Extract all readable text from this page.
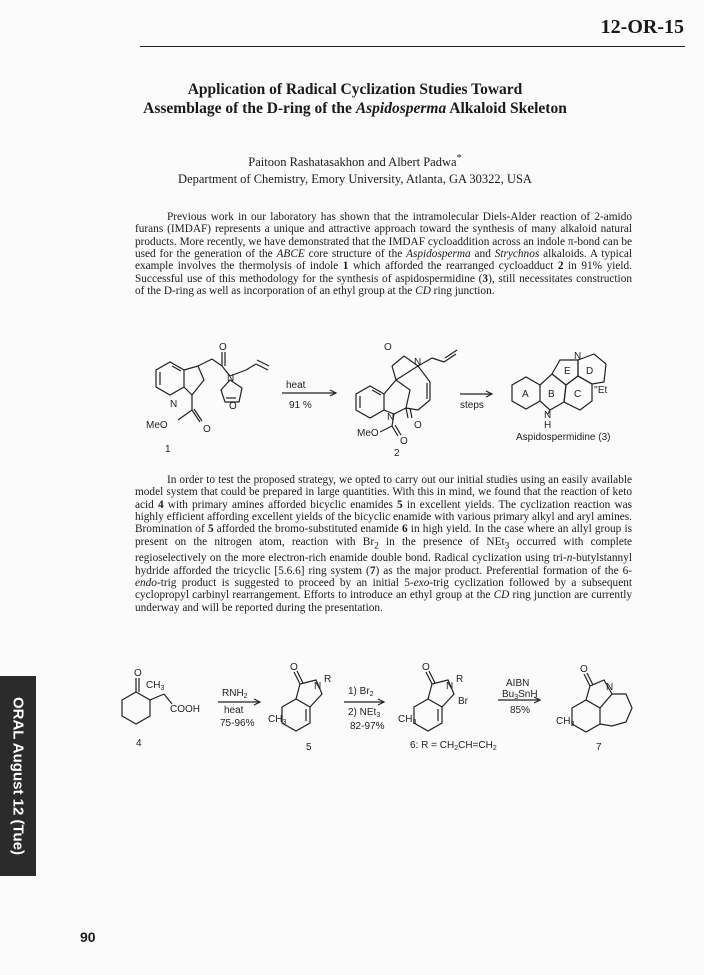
12-OR-15
Application of Radical Cyclization Studies Toward
Assemblage of the D-ring of the Aspidosperma Alkaloid Skeleton
Paitoon Rashatasakhon and Albert Padwa*
Department of Chemistry, Emory University, Atlanta, GA 30322, USA
Previous work in our laboratory has shown that the intramolecular Diels-Alder reaction of 2-amido furans (IMDAF) represents a unique and attractive approach toward the synthesis of many alkaloid natural products. More recently, we have demonstrated that the IMDAF cycloaddition across an indole π-bond can be used for the generation of the ABCE core structure of the Aspidosperma and Strychnos alkaloids. A typical example involves the thermolysis of indole 1 which afforded the rearranged cycloadduct 2 in 91% yield. Successful use of this methodology for the synthesis of aspidospermidine (3), still necessitates construction of the D-ring as well as incorporation of an ethyl group at the CD ring junction.
In order to test the proposed strategy, we opted to carry out our initial studies using an easily available model system that could be prepared in large quantities. With this in mind, we found that the reaction of keto acid 4 with primary amines afforded bicyclic enamides 5 in excellent yields. The cyclization reaction was highly efficient affording excellent yields of the bicyclic enamide with various primary alkyl and aryl amines. Bromination of 5 afforded the bromo-substituted enamide 6 in high yield. In the case where an allyl group is present on the nitrogen atom, reaction with $Br_2$ in the presence of NEt$_3$ occurred with complete regioselectively on the more electron-rich enamide double bond. Radical cyclization using tri-n-butylstannyl hydride afforded the tricyclic [5.6.6] ring system (7) as the major product. Preferential formation of the 6-endo-trig product is suggested to proceed by an initial 5-exo-trig cyclization followed by a subsequent cyclopropyl carbinyl rearrangement. Efforts to introduce an ethyl group at the CD ring junction are currently underway and will be reported during the presentation.
N
MeO	O
O
N
O
1
heat
91 %
O
N
N
MeO
O
O
2
steps
A B C
E D
N
N
H
''Et
Aspidospermidine (3)
O
$CH_3$
COOH
4
$RNH_2$
heat
75-96%
O
N
R
$CH_3$
5
1) $Br_2$
2) NEt$_3$
82-97%
O
N
R
Br
$CH_3$
6: $R = CH_2CH=CH_2$
AIBN
$Bu_3SnH$
85%
O
N
$CH_3$
7
ORAL August 12 (Tue)
90
